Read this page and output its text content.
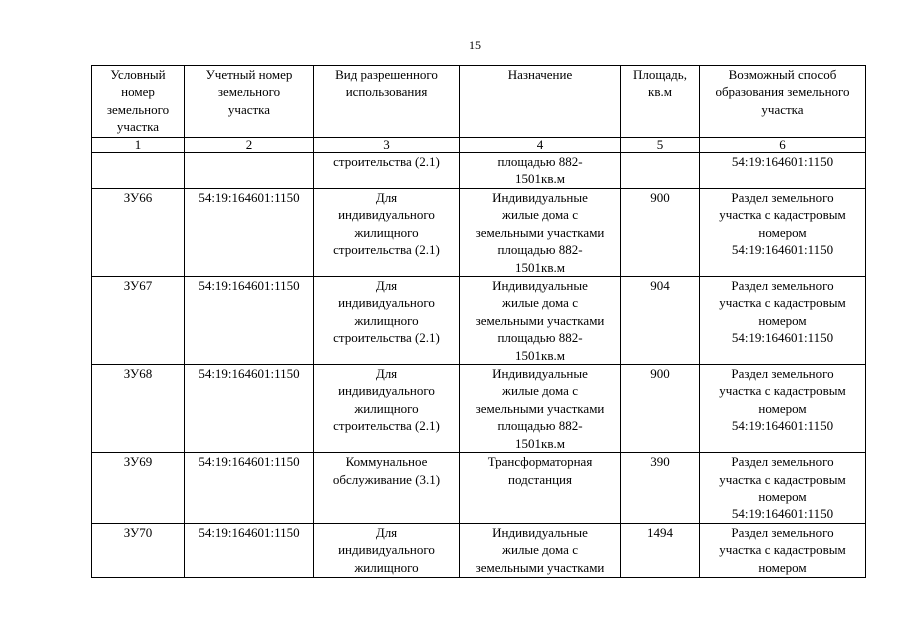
15
Условный
номер
земельного
участка	Учетный номер
земельного
участка	Вид разрешенного
использования	Назначение	Площадь,
кв.м	Возможный способ
образования земельного
участка
1	2	3	4	5	6
		строительства (2.1)	площадью 882-
1501кв.м		54:19:164601:1150
ЗУ66	54:19:164601:1150	Для
индивидуального
жилищного
строительства (2.1)	Индивидуальные
жилые дома с
земельными участками
площадью 882-
1501кв.м	900	Раздел земельного
участка с кадастровым
номером
54:19:164601:1150
ЗУ67	54:19:164601:1150	Для
индивидуального
жилищного
строительства (2.1)	Индивидуальные
жилые дома с
земельными участками
площадью 882-
1501кв.м	904	Раздел земельного
участка с кадастровым
номером
54:19:164601:1150
ЗУ68	54:19:164601:1150	Для
индивидуального
жилищного
строительства (2.1)	Индивидуальные
жилые дома с
земельными участками
площадью 882-
1501кв.м	900	Раздел земельного
участка с кадастровым
номером
54:19:164601:1150
ЗУ69	54:19:164601:1150	Коммунальное
обслуживание (3.1)	Трансформаторная
подстанция	390	Раздел земельного
участка с кадастровым
номером
54:19:164601:1150
ЗУ70	54:19:164601:1150	Для
индивидуального
жилищного	Индивидуальные
жилые дома с
земельными участками	1494	Раздел земельного
участка с кадастровым
номером
